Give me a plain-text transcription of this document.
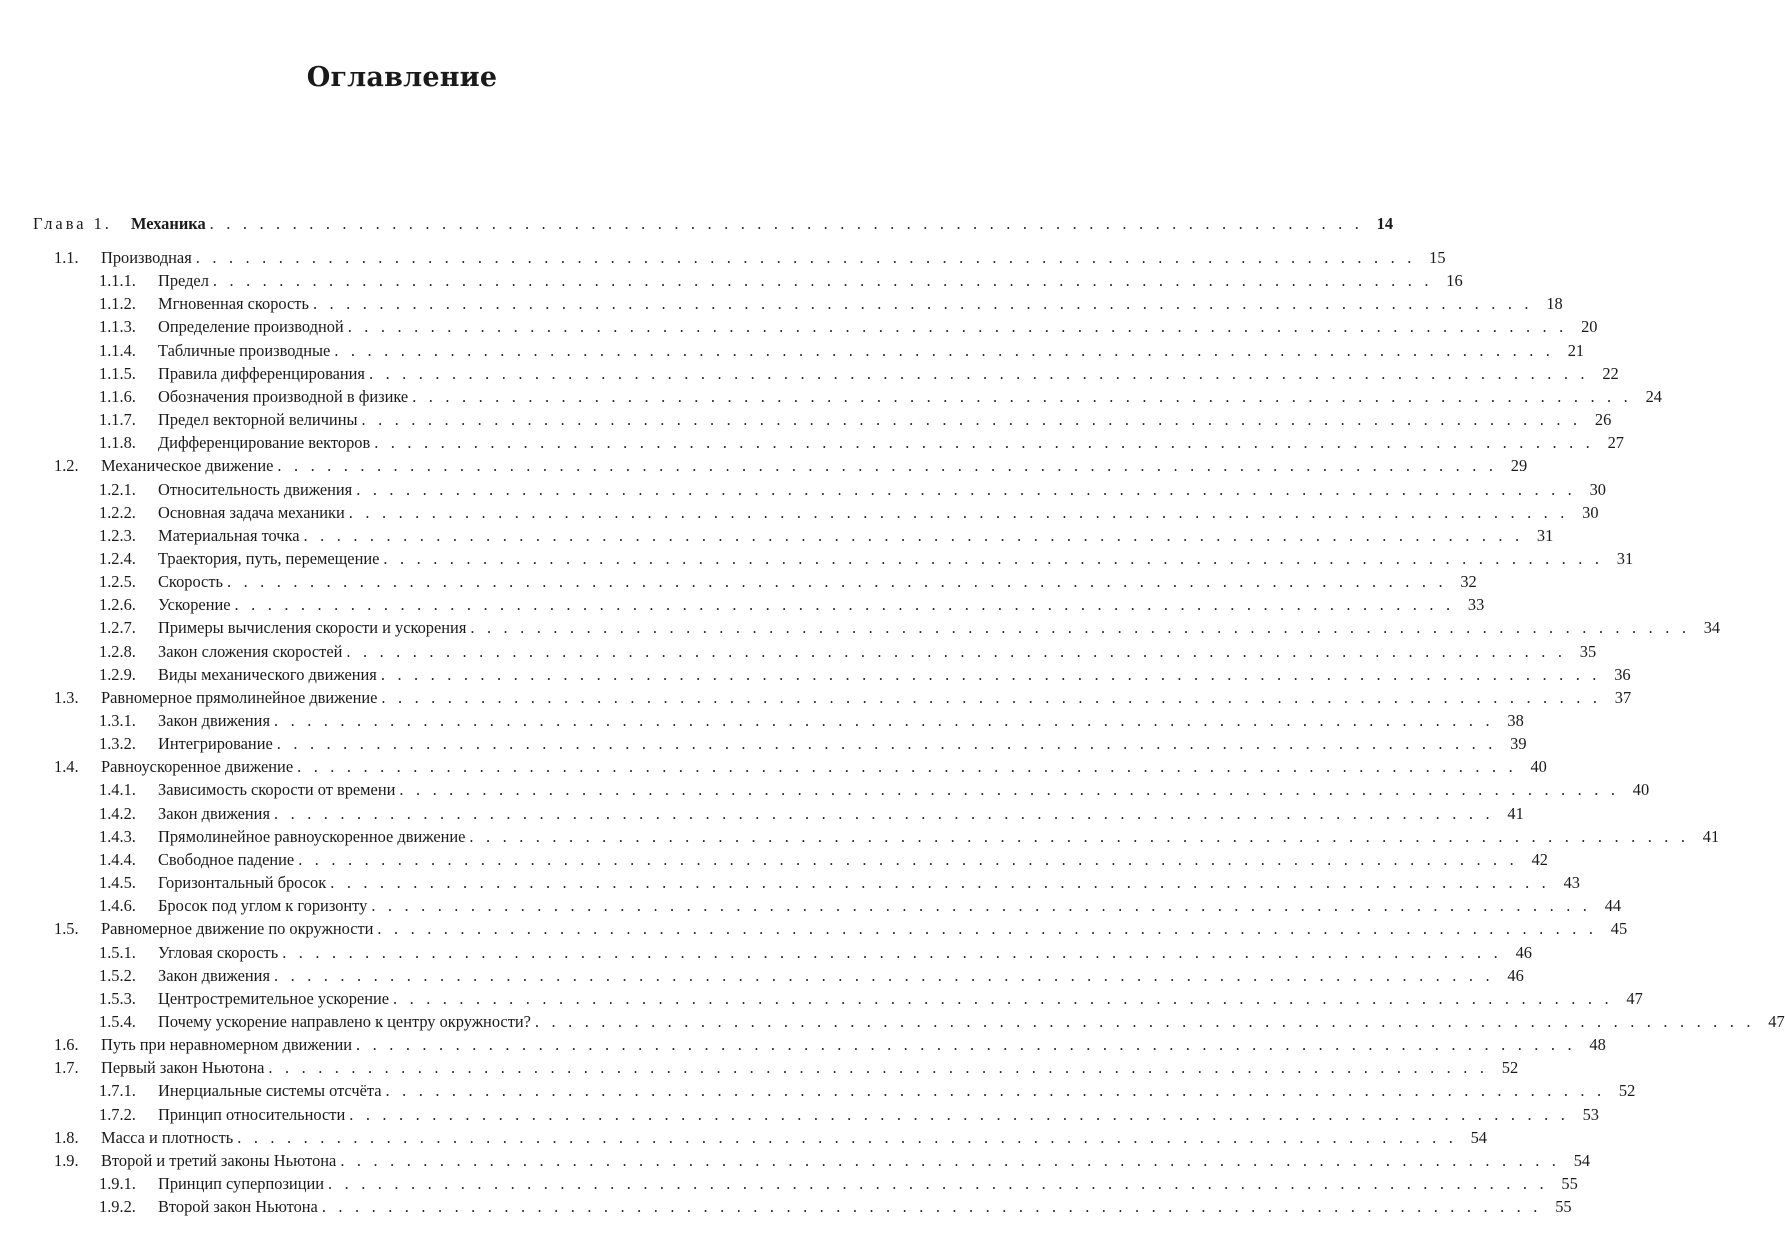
Оглавление
Глава 1.	Механика . . . . . . . . . . . . . . . . . . . . . . . . . . . . . . . . . . . . . . . . . . . . . . . . . . . . . . . . . . . . . . . . . . . . . . 14
1.1.	Производная . . . . . . . . . . . . . . . . . . . . . . . . . . . . . . . . . . . . . . . . . . . . . . . . . . . . . . . . . . . . . . . . . . . . . . . . . . 15
1.1.1.	Предел . . . . . . . . . . . . . . . . . . . . . . . . . . . . . . . . . . . . . . . . . . . . . . . . . . . . . . . . . . . . . . . . . . . . . . . . . . 16
1.1.2.	Мгновенная скорость . . . . . . . . . . . . . . . . . . . . . . . . . . . . . . . . . . . . . . . . . . . . . . . . . . . . . . . . . . . . . . . . . . . . . . . . . . 18
1.1.3.	Определение производной . . . . . . . . . . . . . . . . . . . . . . . . . . . . . . . . . . . . . . . . . . . . . . . . . . . . . . . . . . . . . . . . . . . . . . . . . . 20
1.1.4.	Табличные производные . . . . . . . . . . . . . . . . . . . . . . . . . . . . . . . . . . . . . . . . . . . . . . . . . . . . . . . . . . . . . . . . . . . . . . . . . . 21
1.1.5.	Правила дифференцирования . . . . . . . . . . . . . . . . . . . . . . . . . . . . . . . . . . . . . . . . . . . . . . . . . . . . . . . . . . . . . . . . . . . . . . . . . . 22
1.1.6.	Обозначения производной в физике . . . . . . . . . . . . . . . . . . . . . . . . . . . . . . . . . . . . . . . . . . . . . . . . . . . . . . . . . . . . . . . . . . . . . . . . . . 24
1.1.7.	Предел векторной величины . . . . . . . . . . . . . . . . . . . . . . . . . . . . . . . . . . . . . . . . . . . . . . . . . . . . . . . . . . . . . . . . . . . . . . . . . . 26
1.1.8.	Дифференцирование векторов . . . . . . . . . . . . . . . . . . . . . . . . . . . . . . . . . . . . . . . . . . . . . . . . . . . . . . . . . . . . . . . . . . . . . . . . . . 27
1.2.	Механическое движение . . . . . . . . . . . . . . . . . . . . . . . . . . . . . . . . . . . . . . . . . . . . . . . . . . . . . . . . . . . . . . . . . . . . . . . . . . 29
1.2.1.	Относительность движения . . . . . . . . . . . . . . . . . . . . . . . . . . . . . . . . . . . . . . . . . . . . . . . . . . . . . . . . . . . . . . . . . . . . . . . . . . 30
1.2.2.	Основная задача механики . . . . . . . . . . . . . . . . . . . . . . . . . . . . . . . . . . . . . . . . . . . . . . . . . . . . . . . . . . . . . . . . . . . . . . . . . . 30
1.2.3.	Материальная точка . . . . . . . . . . . . . . . . . . . . . . . . . . . . . . . . . . . . . . . . . . . . . . . . . . . . . . . . . . . . . . . . . . . . . . . . . . 31
1.2.4.	Траектория, путь, перемещение . . . . . . . . . . . . . . . . . . . . . . . . . . . . . . . . . . . . . . . . . . . . . . . . . . . . . . . . . . . . . . . . . . . . . . . . . . 31
1.2.5.	Скорость . . . . . . . . . . . . . . . . . . . . . . . . . . . . . . . . . . . . . . . . . . . . . . . . . . . . . . . . . . . . . . . . . . . . . . . . . . 32
1.2.6.	Ускорение . . . . . . . . . . . . . . . . . . . . . . . . . . . . . . . . . . . . . . . . . . . . . . . . . . . . . . . . . . . . . . . . . . . . . . . . . . 33
1.2.7.	Примеры вычисления скорости и ускорения . . . . . . . . . . . . . . . . . . . . . . . . . . . . . . . . . . . . . . . . . . . . . . . . . . . . . . . . . . . . . . . . . . . . . . . . . . 34
1.2.8.	Закон сложения скоростей . . . . . . . . . . . . . . . . . . . . . . . . . . . . . . . . . . . . . . . . . . . . . . . . . . . . . . . . . . . . . . . . . . . . . . . . . . 35
1.2.9.	Виды механического движения . . . . . . . . . . . . . . . . . . . . . . . . . . . . . . . . . . . . . . . . . . . . . . . . . . . . . . . . . . . . . . . . . . . . . . . . . . 36
1.3.	Равномерное прямолинейное движение . . . . . . . . . . . . . . . . . . . . . . . . . . . . . . . . . . . . . . . . . . . . . . . . . . . . . . . . . . . . . . . . . . . . . . . . . . 37
1.3.1.	Закон движения . . . . . . . . . . . . . . . . . . . . . . . . . . . . . . . . . . . . . . . . . . . . . . . . . . . . . . . . . . . . . . . . . . . . . . . . . . 38
1.3.2.	Интегрирование . . . . . . . . . . . . . . . . . . . . . . . . . . . . . . . . . . . . . . . . . . . . . . . . . . . . . . . . . . . . . . . . . . . . . . . . . . 39
1.4.	Равноускоренное движение . . . . . . . . . . . . . . . . . . . . . . . . . . . . . . . . . . . . . . . . . . . . . . . . . . . . . . . . . . . . . . . . . . . . . . . . . . 40
1.4.1.	Зависимость скорости от времени . . . . . . . . . . . . . . . . . . . . . . . . . . . . . . . . . . . . . . . . . . . . . . . . . . . . . . . . . . . . . . . . . . . . . . . . . . 40
1.4.2.	Закон движения . . . . . . . . . . . . . . . . . . . . . . . . . . . . . . . . . . . . . . . . . . . . . . . . . . . . . . . . . . . . . . . . . . . . . . . . . . 41
1.4.3.	Прямолинейное равноускоренное движение . . . . . . . . . . . . . . . . . . . . . . . . . . . . . . . . . . . . . . . . . . . . . . . . . . . . . . . . . . . . . . . . . . . . . . . . . . 41
1.4.4.	Свободное падение . . . . . . . . . . . . . . . . . . . . . . . . . . . . . . . . . . . . . . . . . . . . . . . . . . . . . . . . . . . . . . . . . . . . . . . . . . 42
1.4.5.	Горизонтальный бросок . . . . . . . . . . . . . . . . . . . . . . . . . . . . . . . . . . . . . . . . . . . . . . . . . . . . . . . . . . . . . . . . . . . . . . . . . . 43
1.4.6.	Бросок под углом к горизонту . . . . . . . . . . . . . . . . . . . . . . . . . . . . . . . . . . . . . . . . . . . . . . . . . . . . . . . . . . . . . . . . . . . . . . . . . . 44
1.5.	Равномерное движение по окружности . . . . . . . . . . . . . . . . . . . . . . . . . . . . . . . . . . . . . . . . . . . . . . . . . . . . . . . . . . . . . . . . . . . . . . . . . . 45
1.5.1.	Угловая скорость . . . . . . . . . . . . . . . . . . . . . . . . . . . . . . . . . . . . . . . . . . . . . . . . . . . . . . . . . . . . . . . . . . . . . . . . . . 46
1.5.2.	Закон движения . . . . . . . . . . . . . . . . . . . . . . . . . . . . . . . . . . . . . . . . . . . . . . . . . . . . . . . . . . . . . . . . . . . . . . . . . . 46
1.5.3.	Центростремительное ускорение . . . . . . . . . . . . . . . . . . . . . . . . . . . . . . . . . . . . . . . . . . . . . . . . . . . . . . . . . . . . . . . . . . . . . . . . . . 47
1.5.4.	Почему ускорение направлено к центру окружности? . . . . . . . . . . . . . . . . . . . . . . . . . . . . . . . . . . . . . . . . . . . . . . . . . . . . . . . . . . . . . . . . . . . . . . . . . . 47
1.6.	Путь при неравномерном движении . . . . . . . . . . . . . . . . . . . . . . . . . . . . . . . . . . . . . . . . . . . . . . . . . . . . . . . . . . . . . . . . . . . . . . . . . . 48
1.7.	Первый закон Ньютона . . . . . . . . . . . . . . . . . . . . . . . . . . . . . . . . . . . . . . . . . . . . . . . . . . . . . . . . . . . . . . . . . . . . . . . . . . 52
1.7.1.	Инерциальные системы отсчёта . . . . . . . . . . . . . . . . . . . . . . . . . . . . . . . . . . . . . . . . . . . . . . . . . . . . . . . . . . . . . . . . . . . . . . . . . . 52
1.7.2.	Принцип относительности . . . . . . . . . . . . . . . . . . . . . . . . . . . . . . . . . . . . . . . . . . . . . . . . . . . . . . . . . . . . . . . . . . . . . . . . . . 53
1.8.	Масса и плотность . . . . . . . . . . . . . . . . . . . . . . . . . . . . . . . . . . . . . . . . . . . . . . . . . . . . . . . . . . . . . . . . . . . . . . . . . . 54
1.9.	Второй и третий законы Ньютона . . . . . . . . . . . . . . . . . . . . . . . . . . . . . . . . . . . . . . . . . . . . . . . . . . . . . . . . . . . . . . . . . . . . . . . . . . 54
1.9.1.	Принцип суперпозиции . . . . . . . . . . . . . . . . . . . . . . . . . . . . . . . . . . . . . . . . . . . . . . . . . . . . . . . . . . . . . . . . . . . . . . . . . . 55
1.9.2.	Второй закон Ньютона . . . . . . . . . . . . . . . . . . . . . . . . . . . . . . . . . . . . . . . . . . . . . . . . . . . . . . . . . . . . . . . . . . . . . . . . . . 55
